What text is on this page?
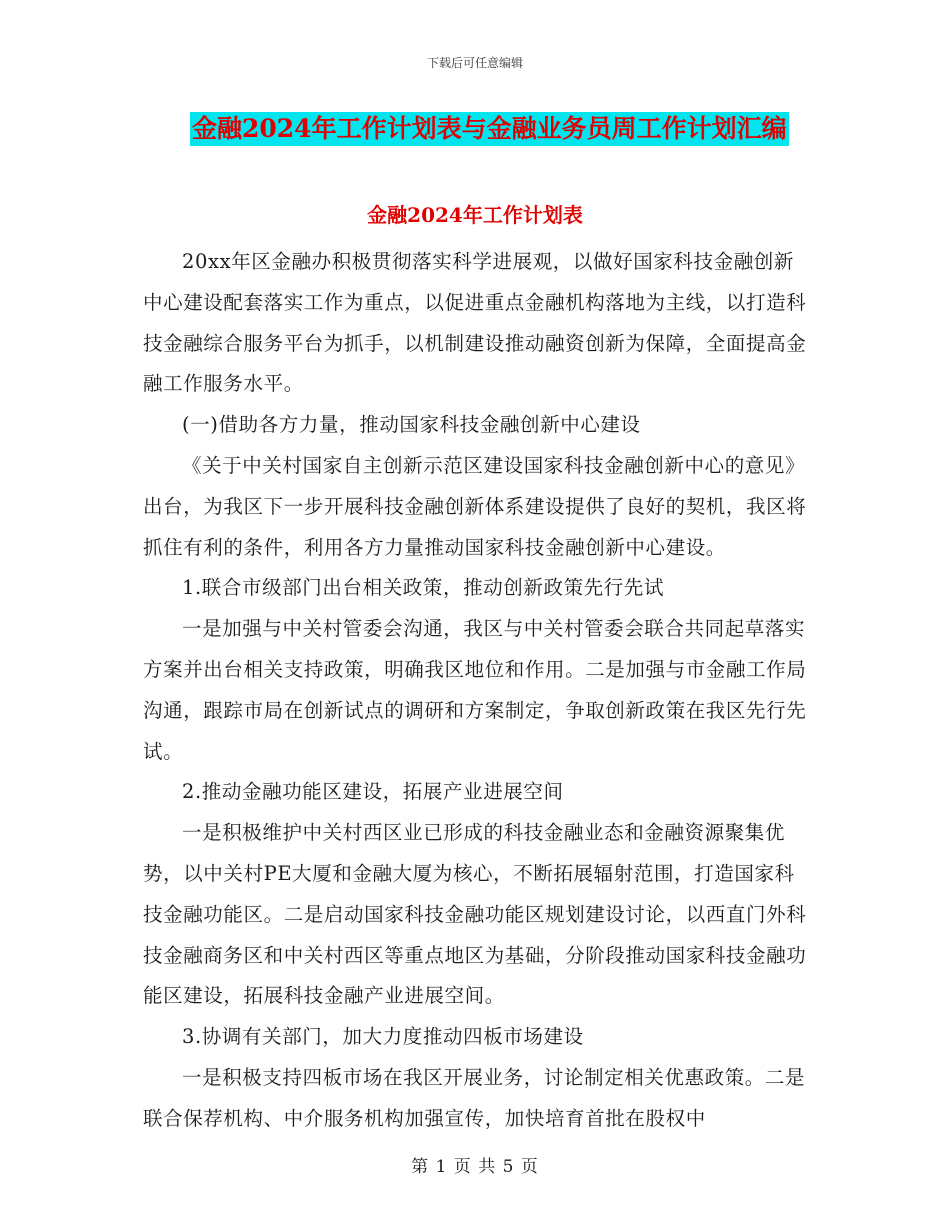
下载后可任意编辑
金融2024年工作计划表与金融业务员周工作计划汇编
金融2024年工作计划表

20xx年区金融办积极贯彻落实科学进展观，以做好国家科技金融创新中心建设配套落实工作为重点，以促进重点金融机构落地为主线，以打造科技金融综合服务平台为抓手，以机制建设推动融资创新为保障，全面提高金融工作服务水平。

(一)借助各方力量，推动国家科技金融创新中心建设

《关于中关村国家自主创新示范区建设国家科技金融创新中心的意见》出台，为我区下一步开展科技金融创新体系建设提供了良好的契机，我区将抓住有利的条件，利用各方力量推动国家科技金融创新中心建设。

1.联合市级部门出台相关政策，推动创新政策先行先试

一是加强与中关村管委会沟通，我区与中关村管委会联合共同起草落实方案并出台相关支持政策，明确我区地位和作用。二是加强与市金融工作局沟通，跟踪市局在创新试点的调研和方案制定，争取创新政策在我区先行先试。

2.推动金融功能区建设，拓展产业进展空间

一是积极维护中关村西区业已形成的科技金融业态和金融资源聚集优势，以中关村PE大厦和金融大厦为核心，不断拓展辐射范围，打造国家科技金融功能区。二是启动国家科技金融功能区规划建设讨论，以西直门外科技金融商务区和中关村西区等重点地区为基础，分阶段推动国家科技金融功能区建设，拓展科技金融产业进展空间。

3.协调有关部门，加大力度推动四板市场建设

一是积极支持四板市场在我区开展业务，讨论制定相关优惠政策。二是联合保荐机构、中介服务机构加强宣传，加快培育首批在股权中

第 1 页 共 5 页
